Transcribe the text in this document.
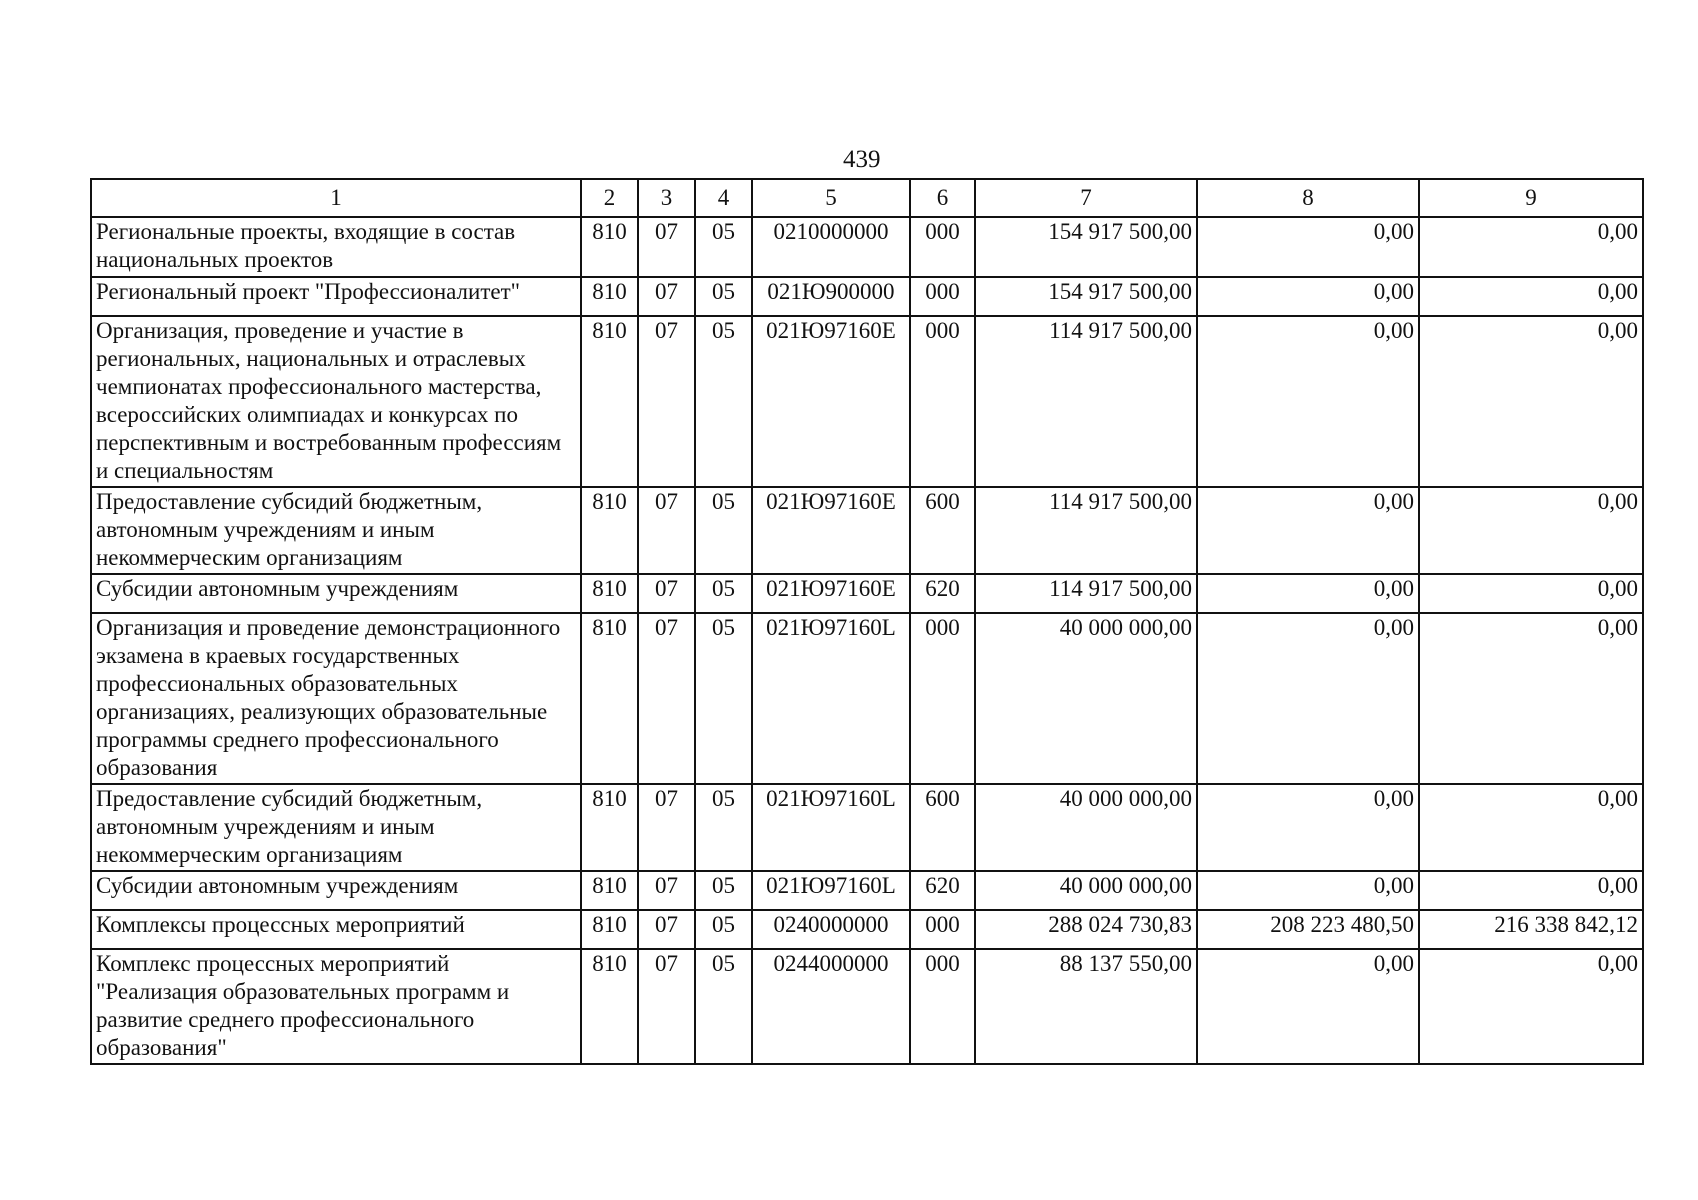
439
1	2	3	4	5	6	7	8	9
Региональные проекты, входящие в состав национальных проектов	810	07	05	0210000000	000	154 917 500,00	0,00	0,00
Региональный проект "Профессионалитет"	810	07	05	021Ю900000	000	154 917 500,00	0,00	0,00
Организация, проведение и участие в региональных, национальных и отраслевых чемпионатах профессионального мастерства, всероссийских олимпиадах и конкурсах по перспективным и востребованным профессиям и специальностям	810	07	05	021Ю97160Е	000	114 917 500,00	0,00	0,00
Предоставление субсидий бюджетным, автономным учреждениям и иным некоммерческим организациям	810	07	05	021Ю97160Е	600	114 917 500,00	0,00	0,00
Субсидии автономным учреждениям	810	07	05	021Ю97160Е	620	114 917 500,00	0,00	0,00
Организация и проведение демонстрационного экзамена в краевых государственных профессиональных образовательных организациях, реализующих образовательные программы среднего профессионального образования	810	07	05	021Ю97160L	000	40 000 000,00	0,00	0,00
Предоставление субсидий бюджетным, автономным учреждениям и иным некоммерческим организациям	810	07	05	021Ю97160L	600	40 000 000,00	0,00	0,00
Субсидии автономным учреждениям	810	07	05	021Ю97160L	620	40 000 000,00	0,00	0,00
Комплексы процессных мероприятий	810	07	05	0240000000	000	288 024 730,83	208 223 480,50	216 338 842,12
Комплекс процессных мероприятий "Реализация образовательных программ и развитие среднего профессионального образования"	810	07	05	0244000000	000	88 137 550,00	0,00	0,00
